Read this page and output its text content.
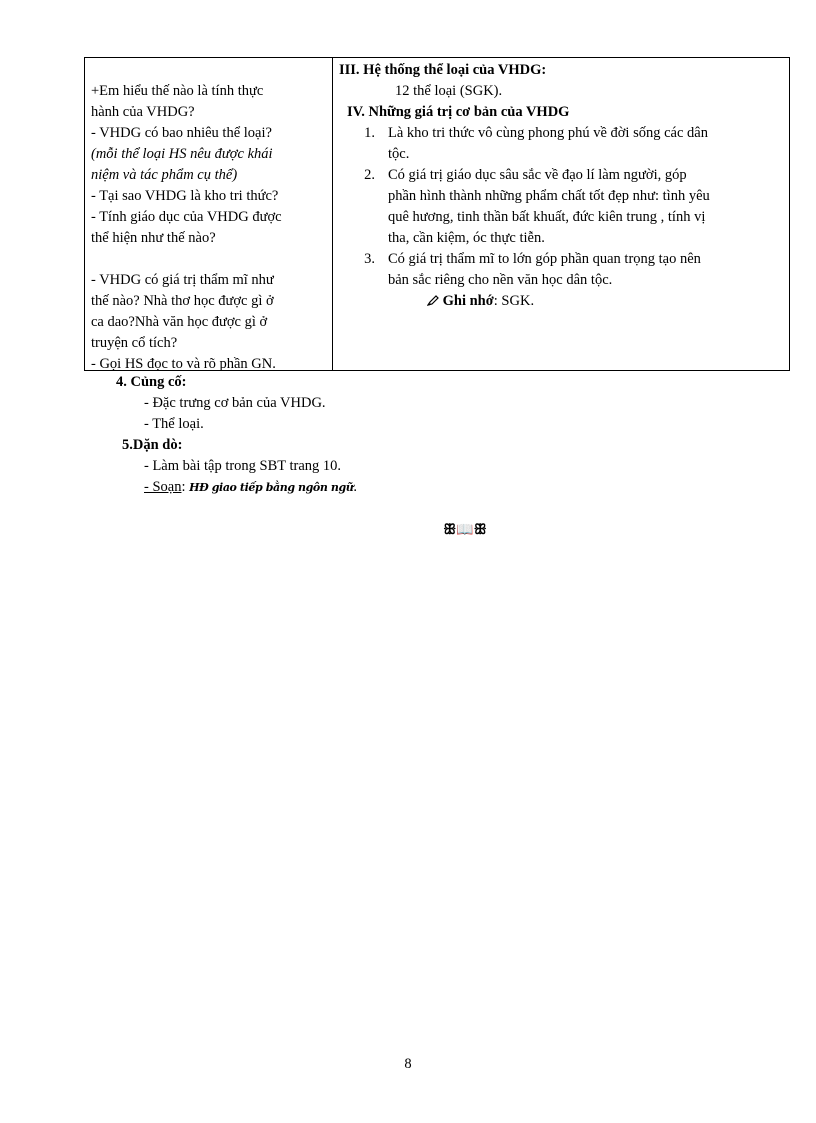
+Em hiểu thế nào là tính thực
hành của VHDG?
- VHDG có bao nhiêu thể loại?
(mỗi thể loại HS nêu được khái
niệm và tác phẩm cụ thể)
- Tại sao VHDG là kho tri thức?
- Tính giáo dục của VHDG được
thể hiện như thế nào?
- VHDG có giá trị thẩm mĩ như
thế nào? Nhà thơ học được gì ở
ca dao?Nhà văn học được gì ở
truyện cổ tích?
- Gọi HS đọc to và rõ phần GN.
III. Hệ thống thể loại của VHDG:
12 thể loại (SGK).
IV. Những giá trị cơ bản của VHDG
1. Là kho tri thức vô cùng phong phú về đời sống các dân
tộc.
2. Có giá trị giáo dục sâu sắc về đạo lí làm người, góp
phần hình thành những phẩm chất tốt đẹp như: tình yêu
quê hương, tinh thần bất khuất, đức kiên trung , tính vị
tha, cần kiệm, óc thực tiễn.
3. Có giá trị thẩm mĩ to lớn góp phần quan trọng tạo nên
bản sắc riêng cho nền văn học dân tộc.
Ghi nhớ: SGK.
4. Củng cố:
- Đặc trưng cơ bản của VHDG.
- Thể loại.
5.Dặn dò:
- Làm bài tập trong SBT trang 10.
- Soạn: HĐ giao tiếp bằng ngôn ngữ.
ꕥ📖ꕥ
8
